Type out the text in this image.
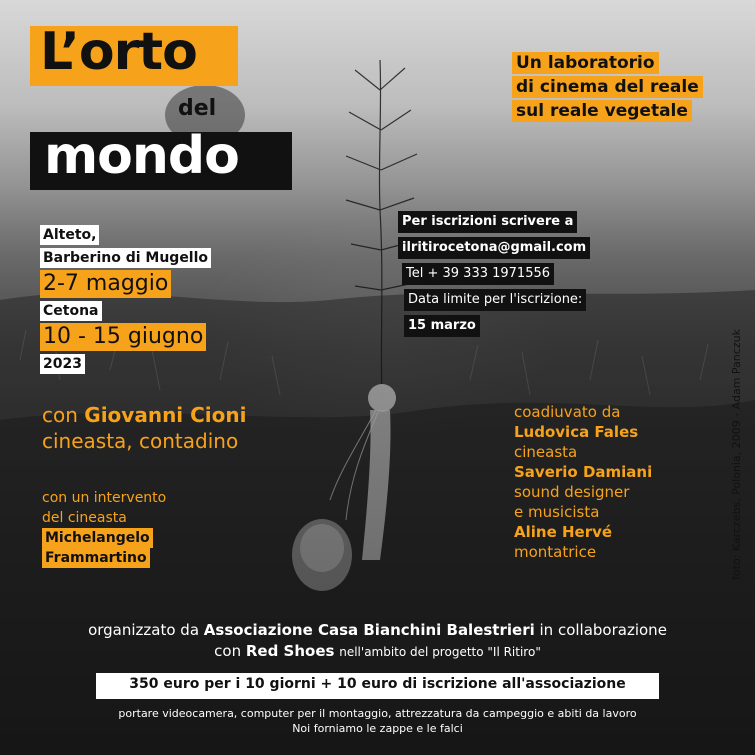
L’orto
del
mondo
Un laboratorio
di cinema del reale
sul reale vegetale
Alteto,
Barberino di Mugello
2-7 maggio
Cetona
10 - 15 giugno
2023
Per iscrizioni scrivere a
ilritirocetona@gmail.com
Tel + 39 333 1971556
Data limite per l'iscrizione:
15 marzo
foto: Karczebs, Polonia, 2009 - Adam Panczuk
con Giovanni Cioni
cineasta, contadino
con un intervento
del cineasta
Michelangelo
Frammartino
coadiuvato da
Ludovica Fales
cineasta
Saverio Damiani
sound designer
e musicista
Aline Hervé
montatrice
organizzato da Associazione Casa Bianchini Balestrieri in collaborazione
con Red Shoes nell'ambito del progetto "Il Ritiro"
350 euro per i 10 giorni + 10 euro di iscrizione all'associazione
portare videocamera, computer per il montaggio, attrezzatura da campeggio e abiti da lavoro
Noi forniamo le zappe e le falci
